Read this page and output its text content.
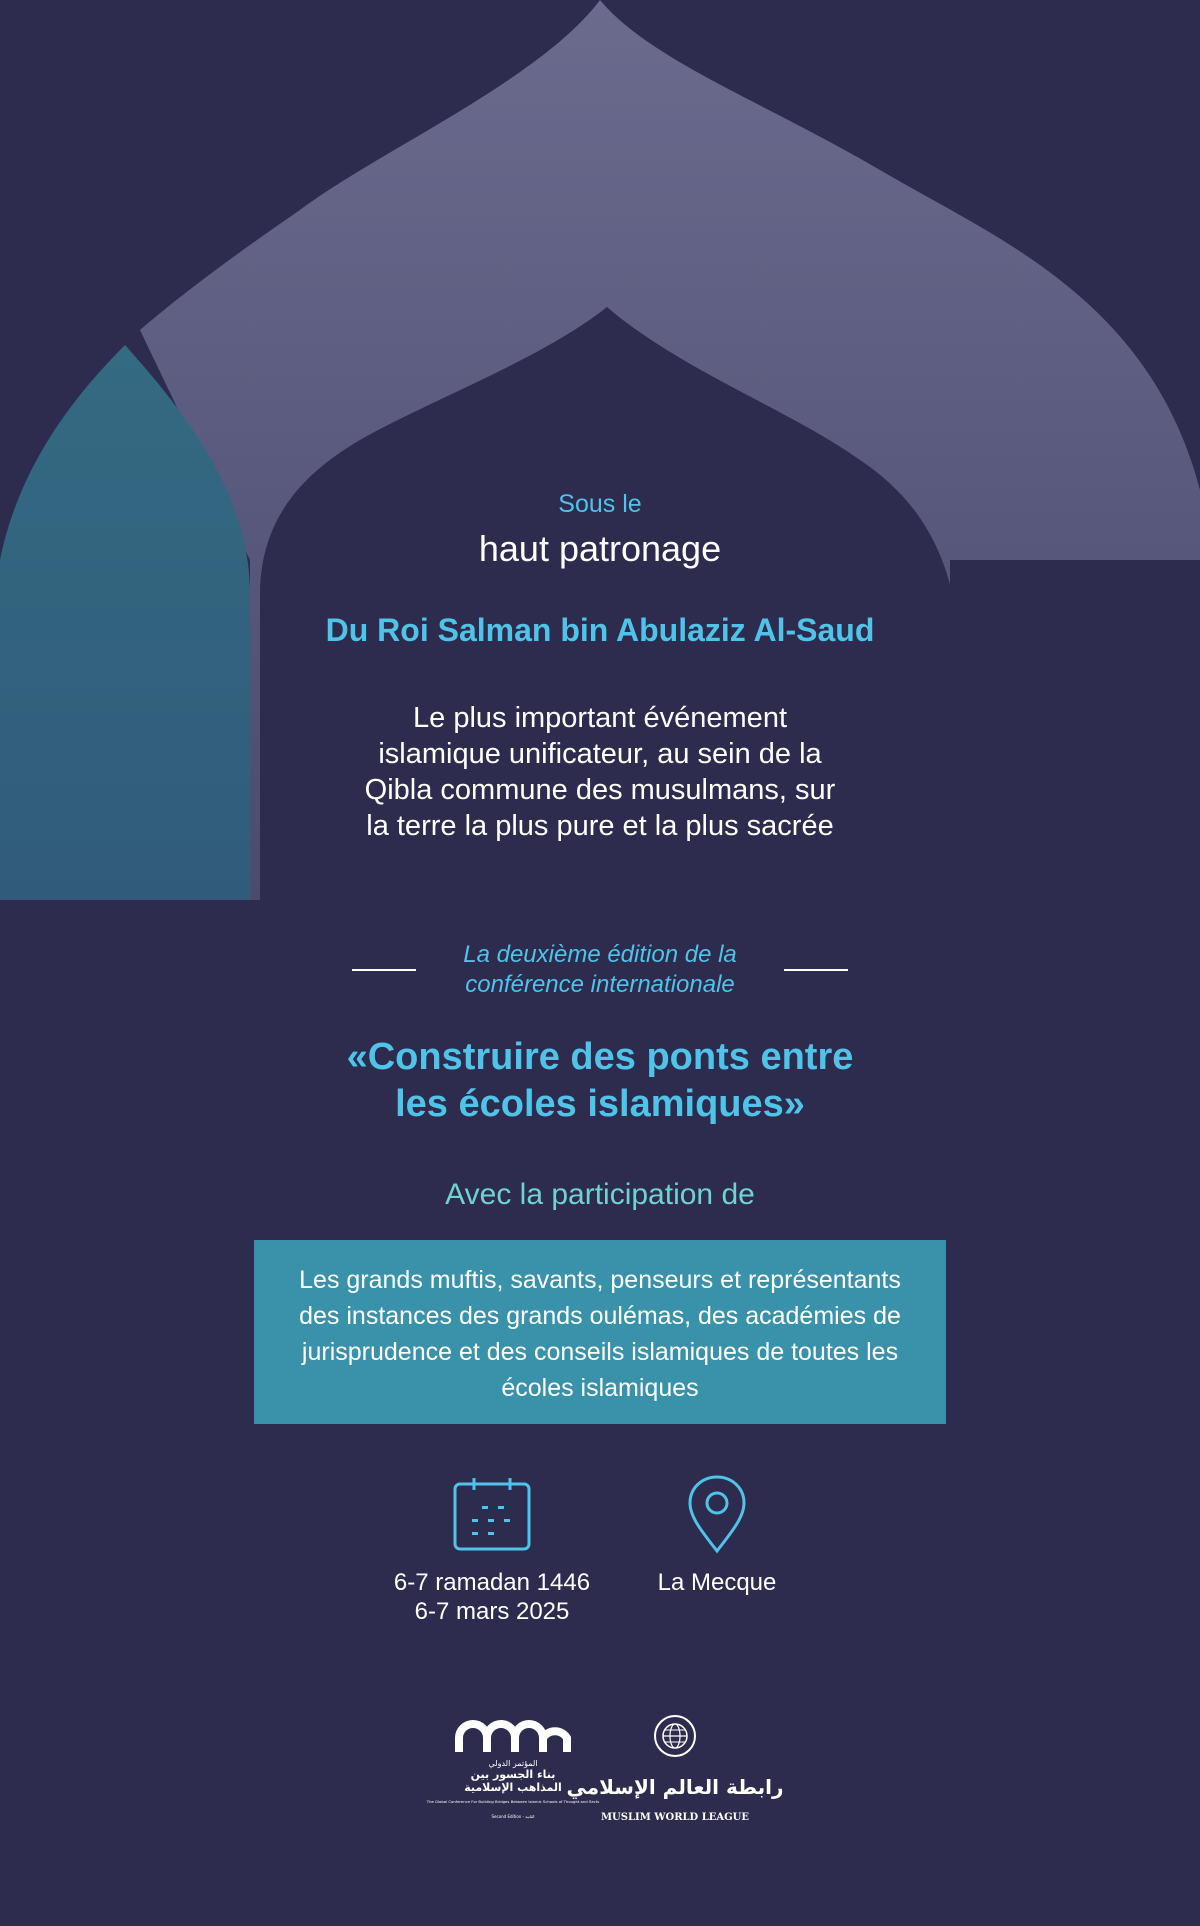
Sous le
haut patronage
Du Roi Salman bin Abulaziz Al-Saud
Le plus important événement islamique unificateur, au sein de la Qibla commune des musulmans, sur la terre la plus pure et la plus sacrée
La deuxième édition de la
conférence internationale
«Construire des ponts entre
les écoles islamiques»
Avec la participation de

Les grands muftis, savants, penseurs et représentants des instances des grands oulémas, des académies de jurisprudence et des conseils islamiques de toutes les écoles islamiques

6-7 ramadan 1446
6-7 mars 2025
La Mecque
المؤتمر الدولي
بناء الجسور بين
المذاهب الإسلامية
The Global Conference For Building Bridges Between Islamic Schools of Thought and Sects
Second Edition - الثانية
رابطة العالم الإسلامي
MUSLIM WORLD LEAGUE
